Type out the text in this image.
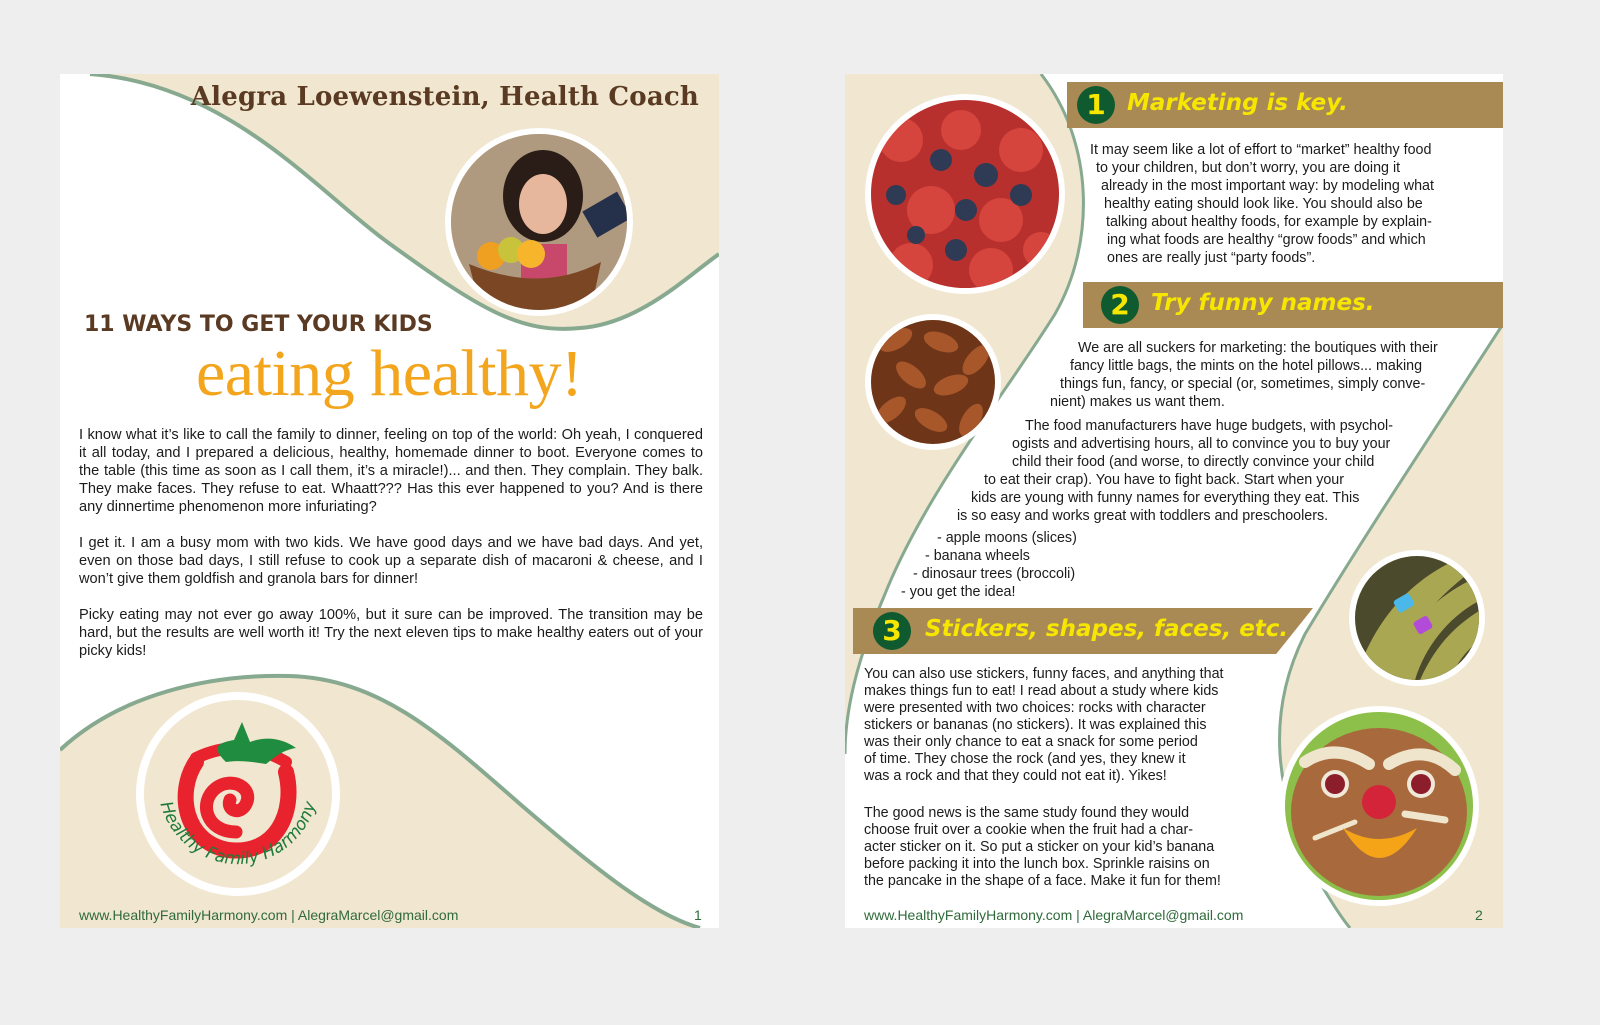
Alegra Loewenstein, Health Coach
11 WAYS TO GET YOUR KIDS
eating healthy!

I know what it’s like to call the family to dinner, feeling on top of the world: Oh yeah, I conquered it all today, and I prepared a delicious, healthy, homemade dinner to boot. Everyone comes to the table (this time as soon as I call them, it’s a miracle!)... and then. They complain. They balk. They make faces. They refuse to eat. Whaatt??? Has this ever happened to you? And is there any dinnertime phenomenon more infuriating?

I get it. I am a busy mom with two kids. We have good days and we have bad days. And yet, even on those bad days, I still refuse to cook up a separate dish of macaroni & cheese, and I won’t give them goldfish and granola bars for dinner!

Picky eating may not ever go away 100%, but it sure can be improved. The transition may be hard, but the results are well worth it! Try the next eleven tips to make healthy eaters out of your picky kids!

Healthy Family Harmony
www.HealthyFamilyHarmony.com | AlegraMarcel@gmail.com	1
1 Marketing is key.
2 Try funny names.
3	Stickers, shapes, faces, etc.
It may seem like a lot of effort to “market” healthy food
to your children, but don’t worry, you are doing it
already in the most important way: by modeling what
healthy eating should look like. You should also be
talking about healthy foods, for example by explain-
ing what foods are healthy “grow foods” and which
ones are really just “party foods”.
We are all suckers for marketing: the boutiques with their
fancy little bags, the mints on the hotel pillows... making
things fun, fancy, or special (or, sometimes, simply conve-
nient) makes us want them.
The food manufacturers have huge budgets, with psychol-
ogists and advertising hours, all to convince you to buy your
child their food (and worse, to directly convince your child
to eat their crap). You have to fight back. Start when your
kids are young with funny names for everything they eat. This
is so easy and works great with toddlers and preschoolers.
- apple moons (slices)
- banana wheels
- dinosaur trees (broccoli)
- you get the idea!
You can also use stickers, funny faces, and anything that
makes things fun to eat! I read about a study where kids
were presented with two choices: rocks with character
stickers or bananas (no stickers). It was explained this
was their only chance to eat a snack for some period
of time. They chose the rock (and yes, they knew it
was a rock and that they could not eat it). Yikes!
The good news is the same study found they would
choose fruit over a cookie when the fruit had a char-
acter sticker on it. So put a sticker on your kid’s banana
before packing it into the lunch box. Sprinkle raisins on
the pancake in the shape of a face. Make it fun for them!
www.HealthyFamilyHarmony.com | AlegraMarcel@gmail.com	2
